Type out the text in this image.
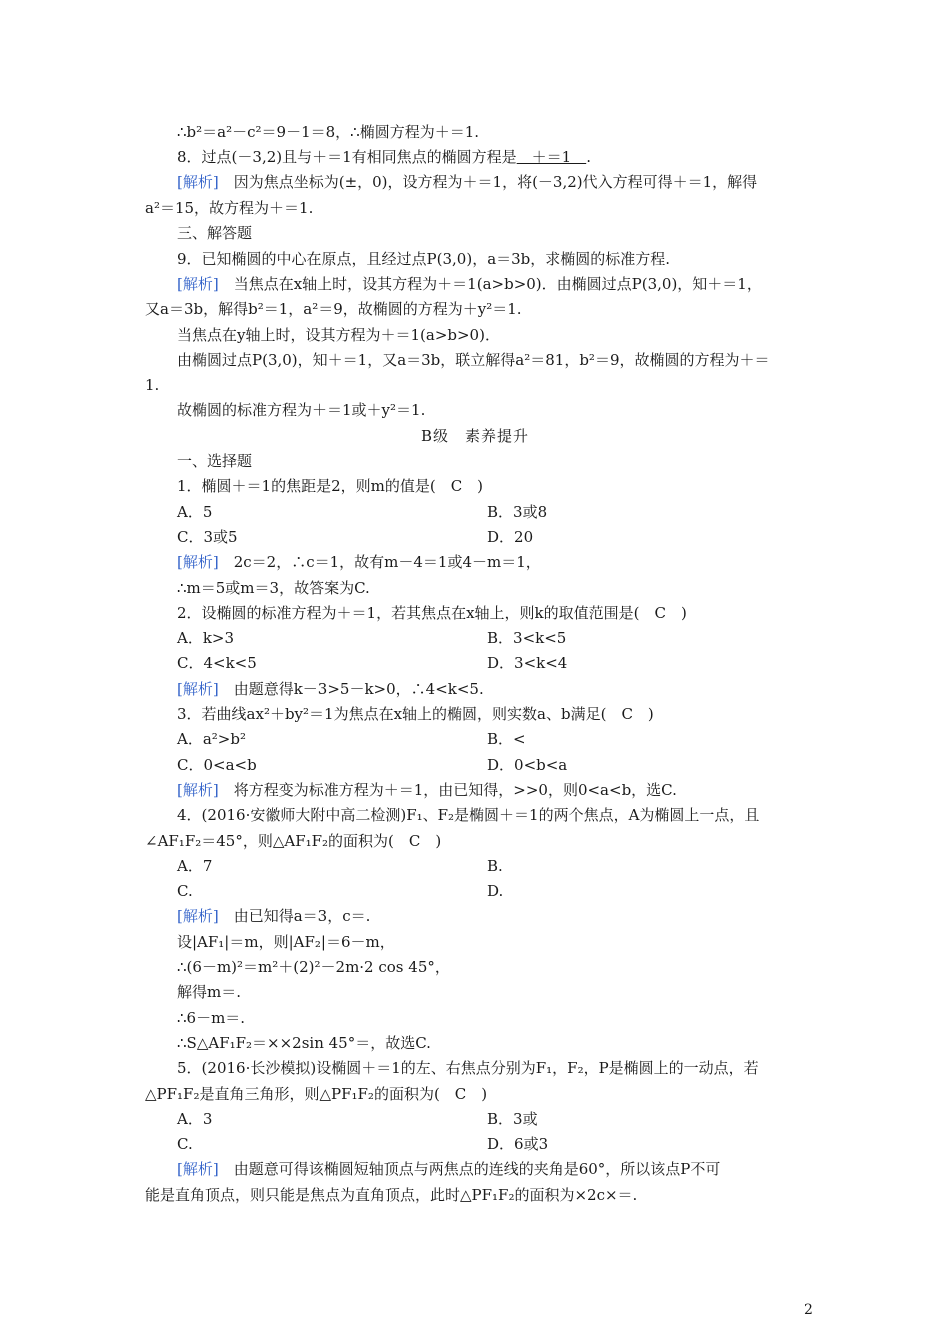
∴b²＝a²－c²＝9－1＝8，∴椭圆方程为＋＝1.
8．过点(－3,2)且与＋＝1有相同焦点的椭圆方程是　＋＝1　.
[解析]　因为焦点坐标为(±，0)，设方程为＋＝1，将(－3,2)代入方程可得＋＝1，解得
a²＝15，故方程为＋＝1.
三、解答题
9．已知椭圆的中心在原点，且经过点P(3,0)，a＝3b，求椭圆的标准方程.
[解析]　当焦点在x轴上时，设其方程为＋＝1(a>b>0)．由椭圆过点P(3,0)，知＋＝1，
又a＝3b，解得b²＝1，a²＝9，故椭圆的方程为＋y²＝1.
当焦点在y轴上时，设其方程为＋＝1(a>b>0)．
由椭圆过点P(3,0)，知＋＝1，又a＝3b，联立解得a²＝81，b²＝9，故椭圆的方程为＋＝
1.
故椭圆的标准方程为＋＝1或＋y²＝1.
B级　素养提升
一、选择题
1．椭圆＋＝1的焦距是2，则m的值是(　C　)
A．5	B．3或8
C．3或5	D．20
[解析]　2c＝2，∴c＝1，故有m－4＝1或4－m＝1，
∴m＝5或m＝3，故答案为C.
2．设椭圆的标准方程为＋＝1，若其焦点在x轴上，则k的取值范围是(　C　)
A．k>3	B．3<k<5
C．4<k<5	D．3<k<4
[解析]　由题意得k－3>5－k>0，∴4<k<5.
3．若曲线ax²＋by²＝1为焦点在x轴上的椭圆，则实数a、b满足(　C　)
A．a²>b²	B．<
C．0<a<b	D．0<b<a
[解析]　将方程变为标准方程为＋＝1，由已知得，>>0，则0<a<b，选C.
4．(2016·安徽师大附中高二检测)F₁、F₂是椭圆＋＝1的两个焦点，A为椭圆上一点，且
∠AF₁F₂＝45°，则△AF₁F₂的面积为(　C　)
A．7	B.
C.	D.
[解析]　由已知得a＝3，c＝.
设|AF₁|＝m，则|AF₂|＝6－m，
∴(6－m)²＝m²＋(2)²－2m·2 cos 45°，
解得m＝.
∴6－m＝.
∴S△AF₁F₂＝××2sin 45°＝，故选C.
5．(2016·长沙模拟)设椭圆＋＝1的左、右焦点分别为F₁，F₂，P是椭圆上的一动点，若
△PF₁F₂是直角三角形，则△PF₁F₂的面积为(　C　)
A．3	B．3或
C.	D．6或3
[解析]　由题意可得该椭圆短轴顶点与两焦点的连线的夹角是60°，所以该点P不可
能是直角顶点，则只能是焦点为直角顶点，此时△PF₁F₂的面积为×2c×＝.
2
